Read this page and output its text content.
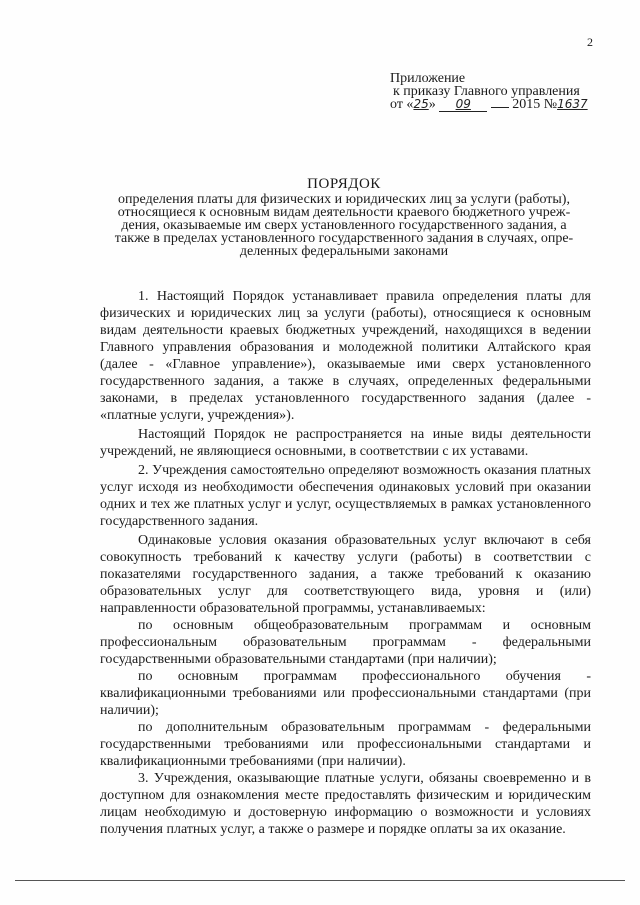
2
Приложение
к приказу Главного управления
от «25» 09	2015 №1637
ПОРЯДОК
определения платы для физических и юридических лиц за услуги (работы),
относящиеся к основным видам деятельности краевого бюджетного учреж-
дения, оказываемые им сверх установленного государственного задания, а
также в пределах установленного государственного задания в случаях, опре-
деленных федеральными законами

1. Настоящий Порядок устанавливает правила определения платы для физических и юридических лиц за услуги (работы), относящиеся к основным видам деятельности краевых бюджетных учреждений, находящихся в ведении Главного управления образования и молодежной политики Алтайского края (далее - «Главное управление»), оказываемые ими сверх установленного государственного задания, а также в случаях, определенных федеральными законами, в пределах установленного государственного задания (далее - «платные услуги, учреждения»).

Настоящий Порядок не распространяется на иные виды деятельности учреждений, не являющиеся основными, в соответствии с их уставами.

2. Учреждения самостоятельно определяют возможность оказания платных услуг исходя из необходимости обеспечения одинаковых условий при оказании одних и тех же платных услуг и услуг, осуществляемых в рамках установленного государственного задания.

Одинаковые условия оказания образовательных услуг включают в себя совокупность требований к качеству услуги (работы) в соответствии с показателями государственного задания, а также требований к оказанию образовательных услуг для соответствующего вида, уровня и (или) направленности образовательной программы, устанавливаемых:

по основным общеобразовательным программам и основным профессиональным образовательным программам - федеральными государственными образовательными стандартами (при наличии);

по основным программам профессионального обучения - квалификационными требованиями или профессиональными стандартами (при наличии);

по дополнительным образовательным программам - федеральными государственными требованиями или профессиональными стандартами и квалификационными требованиями (при наличии).

3. Учреждения, оказывающие платные услуги, обязаны своевременно и в доступном для ознакомления месте предоставлять физическим и юридическим лицам необходимую и достоверную информацию о возможности и условиях получения платных услуг, а также о размере и порядке оплаты за их оказание.
